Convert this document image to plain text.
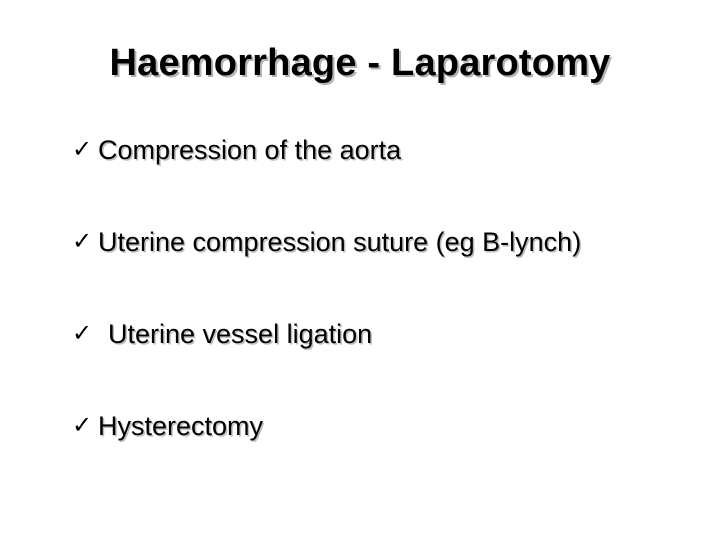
Haemorrhage - Laparotomy
✓ Compression of the aorta
✓ Uterine compression suture (eg B-lynch)
✓ Uterine vessel ligation
✓ Hysterectomy
